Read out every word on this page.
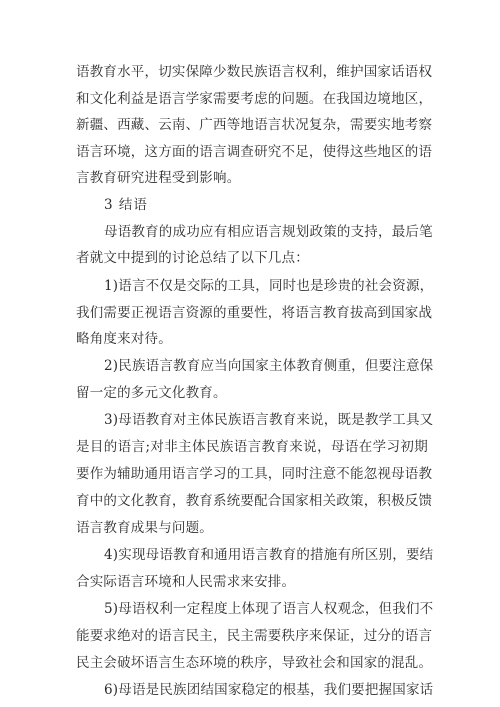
语教育水平，切实保障少数民族语言权利，维护国家话语权
和文化利益是语言学家需要考虑的问题。在我国边境地区，
新疆、西藏、云南、广西等地语言状况复杂，需要实地考察
语言环境，这方面的语言调查研究不足，使得这些地区的语
言教育研究进程受到影响。
3 结语
母语教育的成功应有相应语言规划政策的支持，最后笔
者就文中提到的讨论总结了以下几点：
1)语言不仅是交际的工具，同时也是珍贵的社会资源，
我们需要正视语言资源的重要性，将语言教育拔高到国家战
略角度来对待。
2)民族语言教育应当向国家主体教育侧重，但要注意保
留一定的多元文化教育。
3)母语教育对主体民族语言教育来说，既是教学工具又
是目的语言;对非主体民族语言教育来说，母语在学习初期
要作为辅助通用语言学习的工具，同时注意不能忽视母语教
育中的文化教育，教育系统要配合国家相关政策，积极反馈
语言教育成果与问题。
4)实现母语教育和通用语言教育的措施有所区别，要结
合实际语言环境和人民需求来安排。
5)母语权利一定程度上体现了语言人权观念，但我们不
能要求绝对的语言民主，民主需要秩序来保证，过分的语言
民主会破坏语言生态环境的秩序，导致社会和国家的混乱。
6)母语是民族团结国家稳定的根基，我们要把握国家话
